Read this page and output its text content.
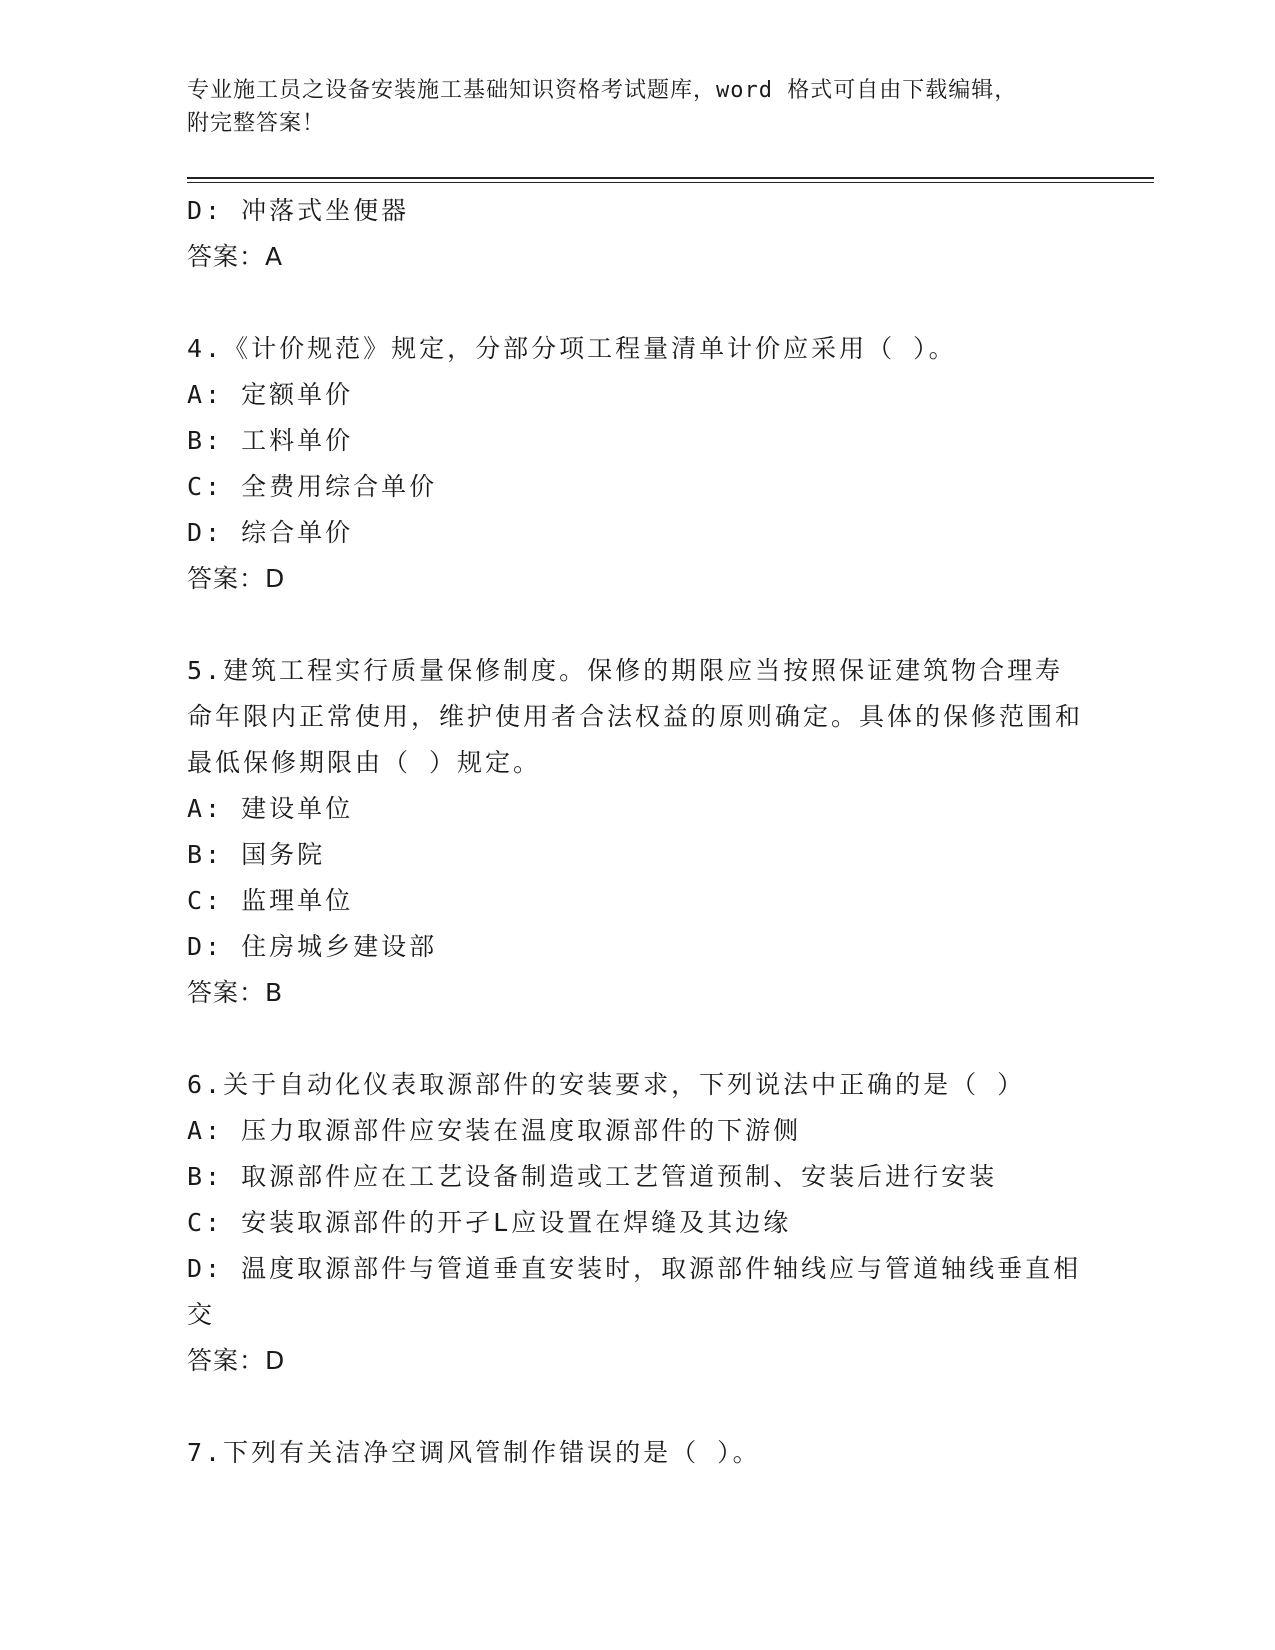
专业施工员之设备安装施工基础知识资格考试题库，word 格式可自由下载编辑，
附完整答案！

D: 冲落式坐便器

答案：A

4.《计价规范》规定，分部分项工程量清单计价应采用（ ）。

A: 定额单价

B: 工料单价

C: 全费用综合单价

D: 综合单价

答案：D

5.建筑工程实行质量保修制度。保修的期限应当按照保证建筑物合理寿命年限内正常使用，维护使用者合法权益的原则确定。具体的保修范围和最低保修期限由（ ）规定。

A: 建设单位

B: 国务院

C: 监理单位

D: 住房城乡建设部

答案：B

6.关于自动化仪表取源部件的安装要求，下列说法中正确的是（ ）

A: 压力取源部件应安装在温度取源部件的下游侧

B: 取源部件应在工艺设备制造或工艺管道预制、安装后进行安装

C: 安装取源部件的开孑L应设置在焊缝及其边缘

D: 温度取源部件与管道垂直安装时，取源部件轴线应与管道轴线垂直相交

答案：D

7.下列有关洁净空调风管制作错误的是（ ）。
